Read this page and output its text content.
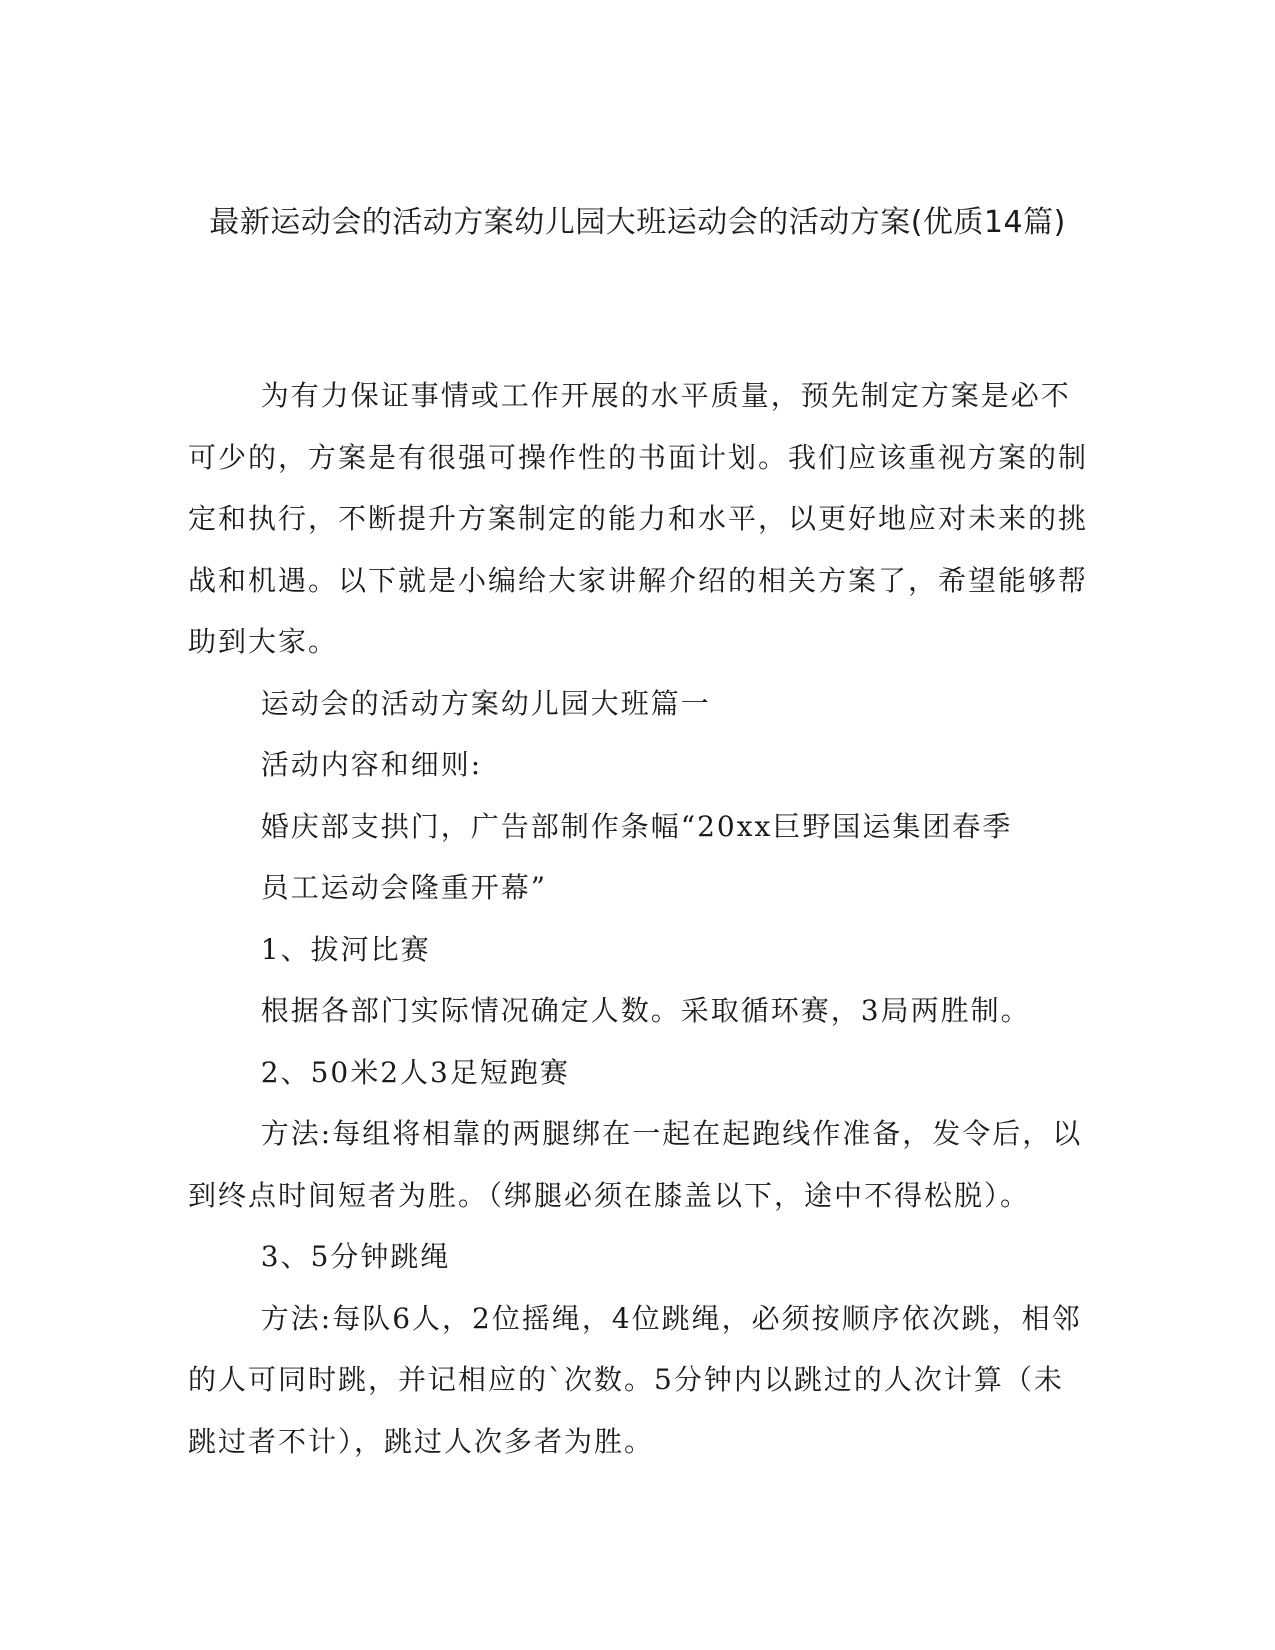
最新运动会的活动方案幼儿园大班运动会的活动方案(优质14篇)

为有力保证事情或工作开展的水平质量，预先制定方案是必不可少的，方案是有很强可操作性的书面计划。我们应该重视方案的制定和执行，不断提升方案制定的能力和水平，以更好地应对未来的挑战和机遇。以下就是小编给大家讲解介绍的相关方案了，希望能够帮助到大家。

运动会的活动方案幼儿园大班篇一

活动内容和细则:

婚庆部支拱门，广告部制作条幅“20xx巨野国运集团春季

员工运动会隆重开幕”

1、拔河比赛

根据各部门实际情况确定人数。采取循环赛，3局两胜制。

2、50米2人3足短跑赛

方法:每组将相靠的两腿绑在一起在起跑线作准备，发令后，以到终点时间短者为胜。（绑腿必须在膝盖以下，途中不得松脱）。

3、5分钟跳绳

方法:每队6人，2位摇绳，4位跳绳，必须按顺序依次跳，相邻的人可同时跳，并记相应的`次数。5分钟内以跳过的人次计算（未跳过者不计），跳过人次多者为胜。
